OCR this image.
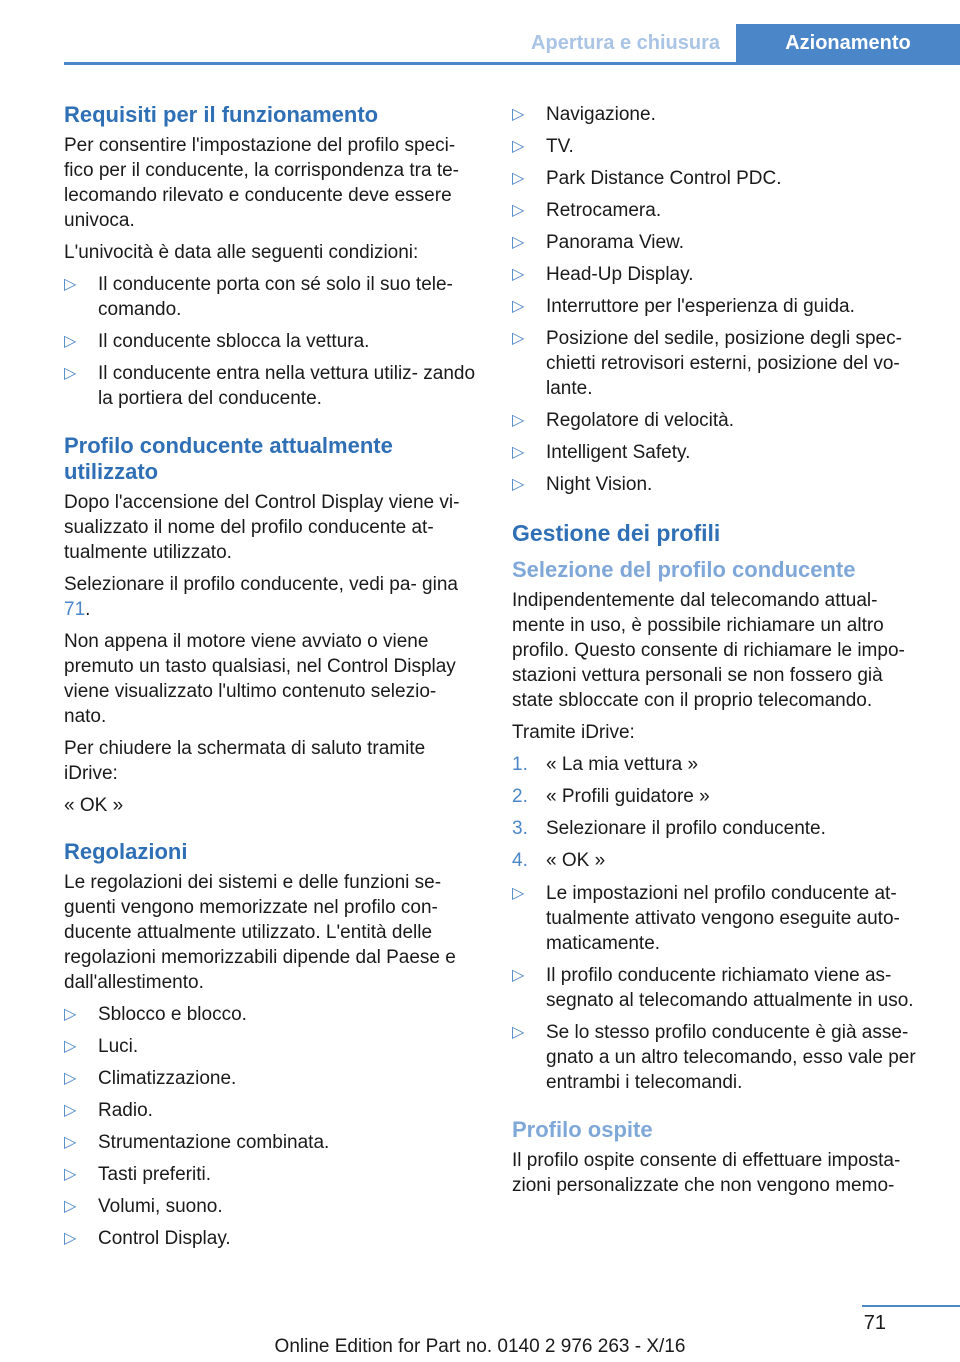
Apertura e chiusura	Azionamento
Requisiti per il funzionamento

Per consentire l'impostazione del profilo speci- fico per il conducente, la corrispondenza tra te- lecomando rilevato e conducente deve essere univoca.

L'univocità è data alle seguenti condizioni:

▷ Il conducente porta con sé solo il suo tele- comando.
▷ Il conducente sblocca la vettura.
▷ Il conducente entra nella vettura utiliz- zando la portiera del conducente.
Profilo conducente attualmente utilizzato

Dopo l'accensione del Control Display viene vi- sualizzato il nome del profilo conducente at- tualmente utilizzato.

Selezionare il profilo conducente, vedi pa- gina 71.

Non appena il motore viene avviato o viene premuto un tasto qualsiasi, nel Control Display viene visualizzato l'ultimo contenuto selezio- nato.

Per chiudere la schermata di saluto tramite iDrive:

« OK »

Regolazioni

Le regolazioni dei sistemi e delle funzioni se- guenti vengono memorizzate nel profilo con- ducente attualmente utilizzato. L'entità delle regolazioni memorizzabili dipende dal Paese e dall'allestimento.

▷ Sblocco e blocco.
▷ Luci.
▷ Climatizzazione.
▷ Radio.
▷ Strumentazione combinata.
▷ Tasti preferiti.
▷ Volumi, suono.
▷ Control Display.
▷ Navigazione.
▷ TV.
▷ Park Distance Control PDC.
▷ Retrocamera.
▷ Panorama View.
▷ Head-Up Display.
▷ Interruttore per l'esperienza di guida.
▷ Posizione del sedile, posizione degli spec- chietti retrovisori esterni, posizione del vo- lante.
▷ Regolatore di velocità.
▷ Intelligent Safety.
▷ Night Vision.
Gestione dei profili
Selezione del profilo conducente

Indipendentemente dal telecomando attual- mente in uso, è possibile richiamare un altro profilo. Questo consente di richiamare le impo- stazioni vettura personali se non fossero già state sbloccate con il proprio telecomando.

Tramite iDrive:

1. « La mia vettura »
2. « Profili guidatore »
3. Selezionare il profilo conducente.
4. « OK »
▷ Le impostazioni nel profilo conducente at- tualmente attivato vengono eseguite auto- maticamente.
▷ Il profilo conducente richiamato viene as- segnato al telecomando attualmente in uso.
▷ Se lo stesso profilo conducente è già asse- gnato a un altro telecomando, esso vale per entrambi i telecomandi.
Profilo ospite

Il profilo ospite consente di effettuare imposta- zioni personalizzate che non vengono memo-

71
Online Edition for Part no. 0140 2 976 263 - X/16
